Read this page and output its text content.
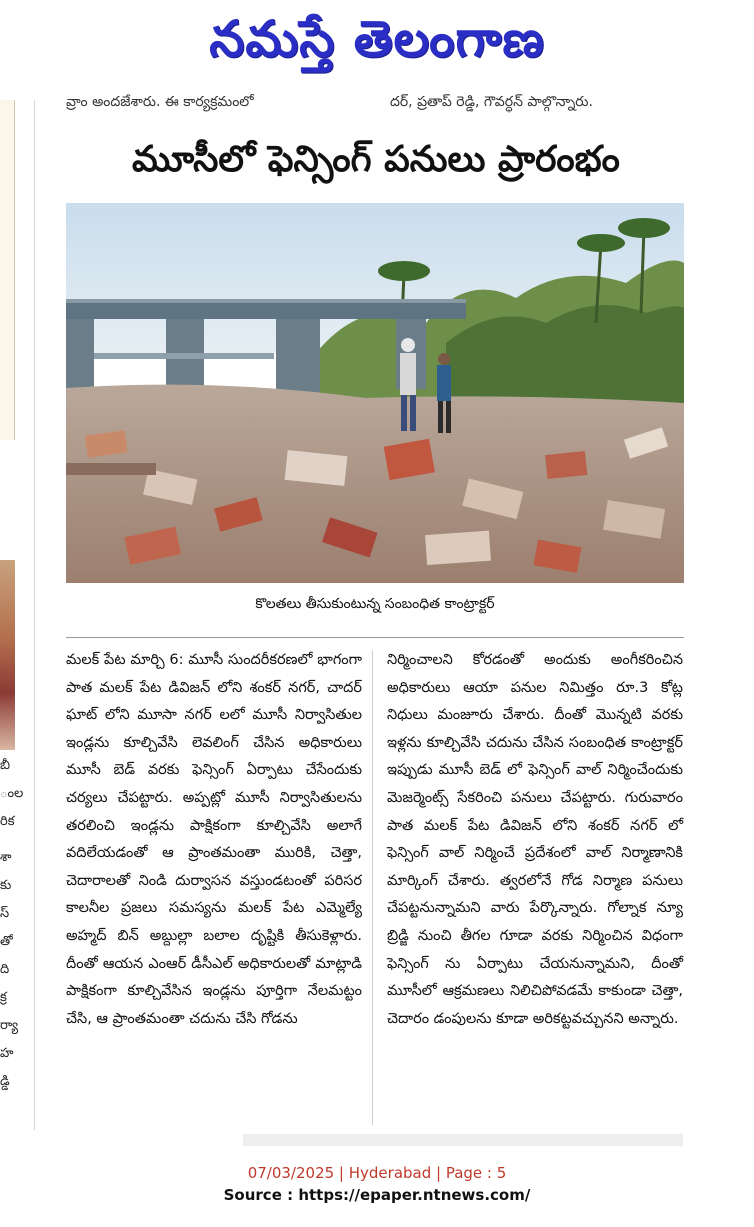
నమస్తే తెలంగాణ
బీ
ంల
రిక
శా
కు
స్
తో
ది
క్ర
ర్యా
హ
డ్డి
వ్రాం అందజేశారు. ఈ కార్యక్రమంలో	దర్, ప్రతాప్ రెడ్డి, గౌవర్ధన్ పాల్గొన్నారు.
మూసీలో ఫెన్సింగ్ పనులు ప్రారంభం
కొలతలు తీసుకుంటున్న సంబంధిత కాంట్రాక్టర్
మలక్ పేట మార్చి 6: మూసీ సుందరీకరణలో భాగంగా పాత మలక్ పేట డివిజన్ లోని శంకర్ నగర్, చాదర్ ఘాట్ లోని మూసా నగర్ లలో మూసీ నిర్వాసితుల ఇండ్లను కూల్చివేసి లెవలింగ్ చేసిన అధికారులు మూసీ బెడ్ వరకు ఫెన్సింగ్ ఏర్పాటు చేసేందుకు చర్యలు చేపట్టారు. అప్పట్లో మూసీ నిర్వాసితులను తరలించి ఇండ్లను పాక్షికంగా కూల్చివేసి అలాగే వదిలేయడంతో ఆ ప్రాంతమంతా మురికి, చెత్తా, చెదారాలతో నిండి దుర్వాసన వస్తుండటంతో పరిసర కాలనీల ప్రజలు సమస్యను మలక్ పేట ఎమ్మెల్యే అహ్మద్ బిన్ అబ్దుల్లా బలాల దృష్టికి తీసుకెళ్లారు. దీంతో ఆయన ఎంఆర్ డీసీఎల్ అధికారులతో మాట్లాడి పాక్షికంగా కూల్చివేసిన ఇండ్లను పూర్తిగా నేలమట్టం చేసి, ఆ ప్రాంతమంతా చదును చేసి గోడను
నిర్మించాలని కోరడంతో అందుకు అంగీకరించిన అధికారులు ఆయా పనుల నిమిత్తం రూ.3 కోట్ల నిధులు మంజూరు చేశారు. దీంతో మొన్నటి వరకు ఇళ్లను కూల్చివేసి చదును చేసిన సంబంధిత కాంట్రాక్టర్ ఇప్పుడు మూసీ బెడ్ లో ఫెన్సింగ్ వాల్ నిర్మించేందుకు మెజర్మెంట్స్ సేకరించి పనులు చేపట్టారు. గురువారం పాత మలక్ పేట డివిజన్ లోని శంకర్ నగర్ లో ఫెన్సింగ్ వాల్ నిర్మించే ప్రదేశంలో వాల్ నిర్మాణానికి మార్కింగ్ చేశారు. త్వరలోనే గోడ నిర్మాణ పనులు చేపట్టనున్నామని వారు పేర్కొన్నారు. గోల్నాక న్యూ బ్రిడ్జి నుంచి తీగల గూడా వరకు నిర్మించిన విధంగా ఫెన్సింగ్ ను ఏర్పాటు చేయనున్నామని, దీంతో మూసీలో ఆక్రమణలు నిలిచిపోవడమే కాకుండా చెత్తా, చెదారం డంపులను కూడా అరికట్టవచ్చునని అన్నారు.
07/03/2025 | Hyderabad | Page : 5
Source : https://epaper.ntnews.com/
